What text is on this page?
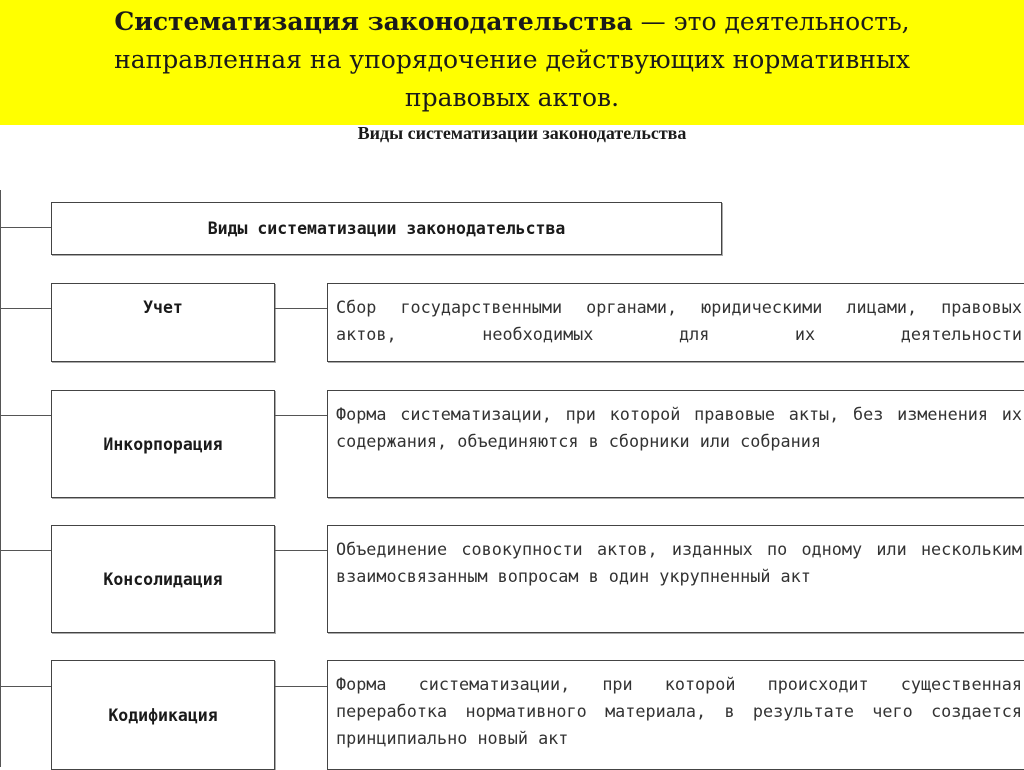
Систематизация законодательства — это деятельность, направленная на упорядочение действующих нормативных правовых актов.
Виды систематизации законодательства
Виды систематизации законодательства
Учет	Сбор государственными органами, юридическими лицами, правовых актов, необходимых для их деятельности
Инкорпорация
Форма систематизации, при которой правовые акты, без изменения их содержания, объединяются в сборники или собрания
Консолидация
Объединение совокупности актов, изданных по одному или нескольким взаимосвязанным вопросам в один укрупненный акт
Кодификация
Форма систематизации, при которой происходит существенная переработка нормативного материала, в результате чего создается принципиально новый акт
